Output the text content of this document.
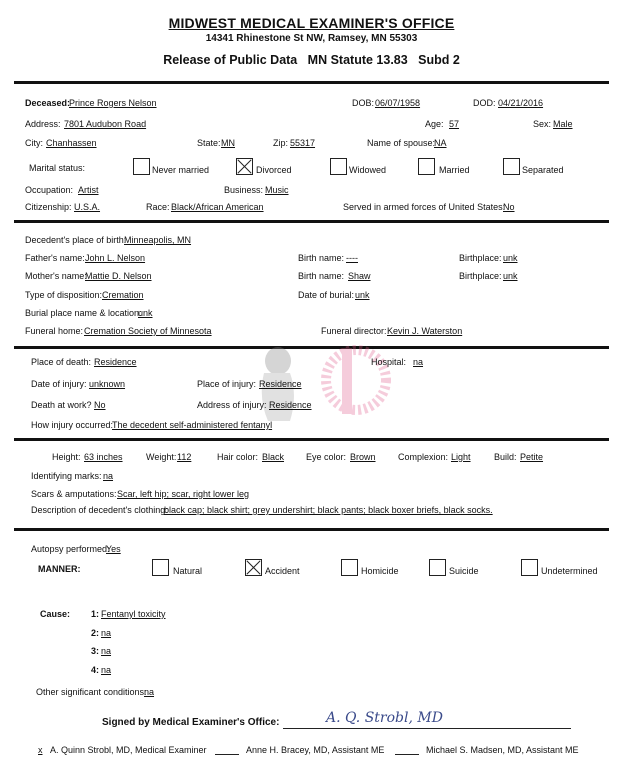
MIDWEST MEDICAL EXAMINER'S OFFICE
14341 Rhinestone St NW, Ramsey, MN 55303
Release of Public Data   MN Statute 13.83   Subd 2
Deceased:
Prince Rogers Nelson	DOB: 06/07/1958	DOD: 04/21/2016
Address: 7801 Audubon Road	Age: 57	Sex: Male
City: Chanhassen	State: MN	Zip: 55317	Name of spouse:
NA
Marital status:	Never married	Divorced	Widowed	Married	Separated
Occupation: Artist	Business: Music
Citizenship: U.S.A.	Race: Black/African American	Served in armed forces of United States:
No
Decedent's place of birth:
Minneapolis, MN
Father's name: John L. Nelson	Birth name: ----	Birthplace: unk
Mother's name:
Mattie D. Nelson	Birth name: Shaw	Birthplace: unk
Type of disposition: Cremation	Date of burial: unk
Burial place name & location:
unk
Funeral home: Cremation Society of Minnesota	Funeral director: Kevin J. Waterston
Place of death: Residence	Hospital: na
Date of injury: unknown	Place of injury: Residence
Death at work? No	Address of injury: Residence
How injury occurred:
The decedent self-administered fentanyl
Height: 63 inches	Weight: 112	Hair color: Black Eye color: Brown Complexion: Light	Build: Petite
Identifying marks: na
Scars & amputations: Scar, left hip; scar, right lower leg
Description of decedent's clothing:
black cap; black shirt; grey undershirt; black pants; black boxer briefs, black socks.
Autopsy performed:
Yes
MANNER:	Natural	Accident	Homicide	Suicide	Undetermined
Cause: 1: Fentanyl toxicity
2: na
3: na
4: na
Other significant conditions:
na
Signed by Medical Examiner's Office:	A. Q. Strobl, MD
x A. Quinn Strobl, MD, Medical Examiner	Anne H. Bracey, MD, Assistant ME	Michael S. Madsen, MD, Assistant ME
